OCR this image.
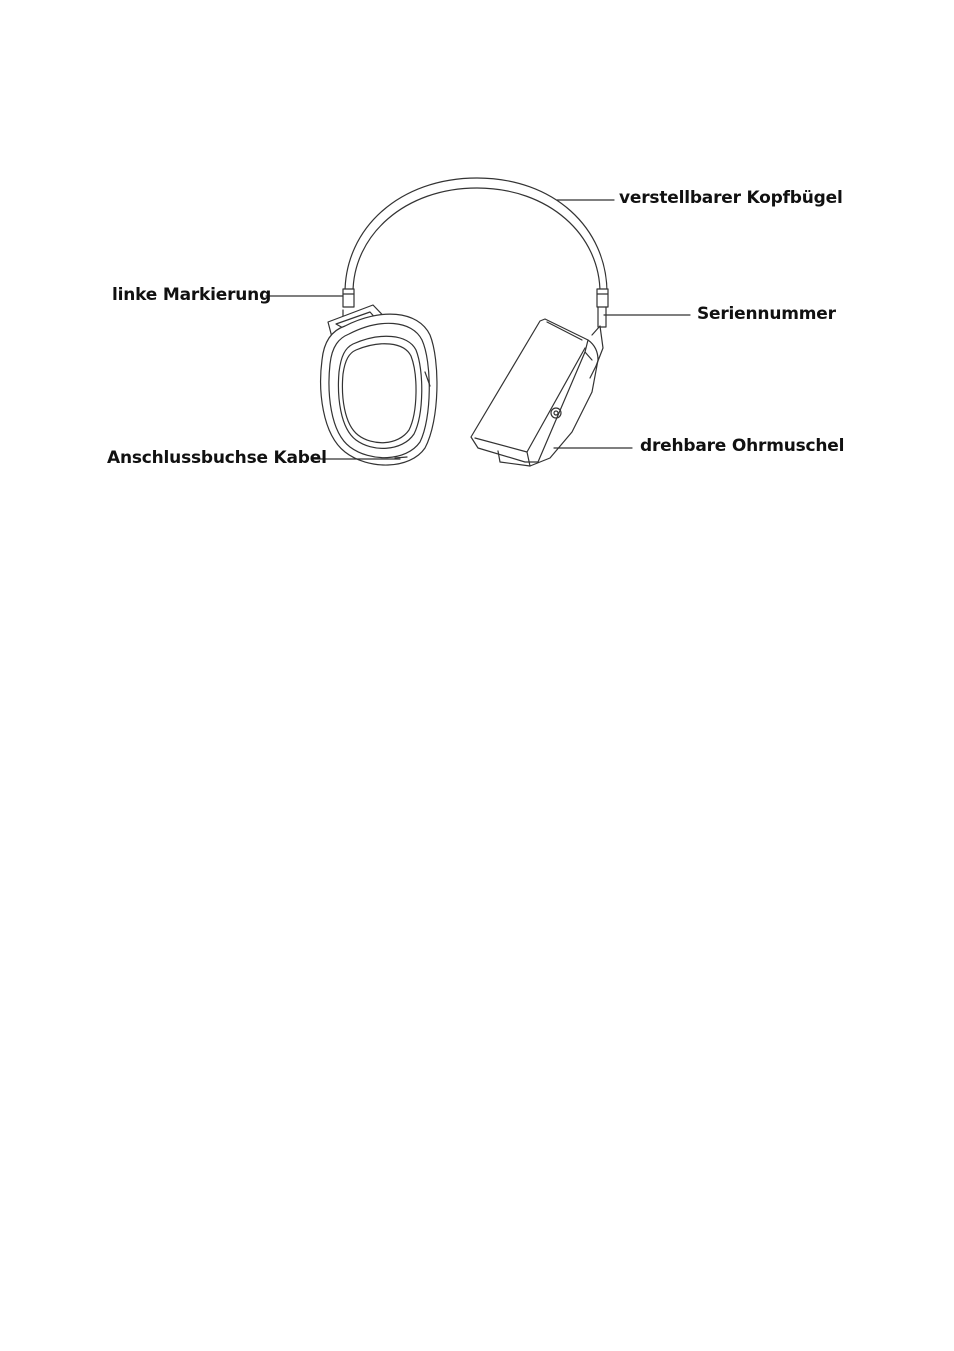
verstellbarer Kopfbügel
linke Markierung
Seriennummer
drehbare Ohrmuschel
Anschlussbuchse Kabel
